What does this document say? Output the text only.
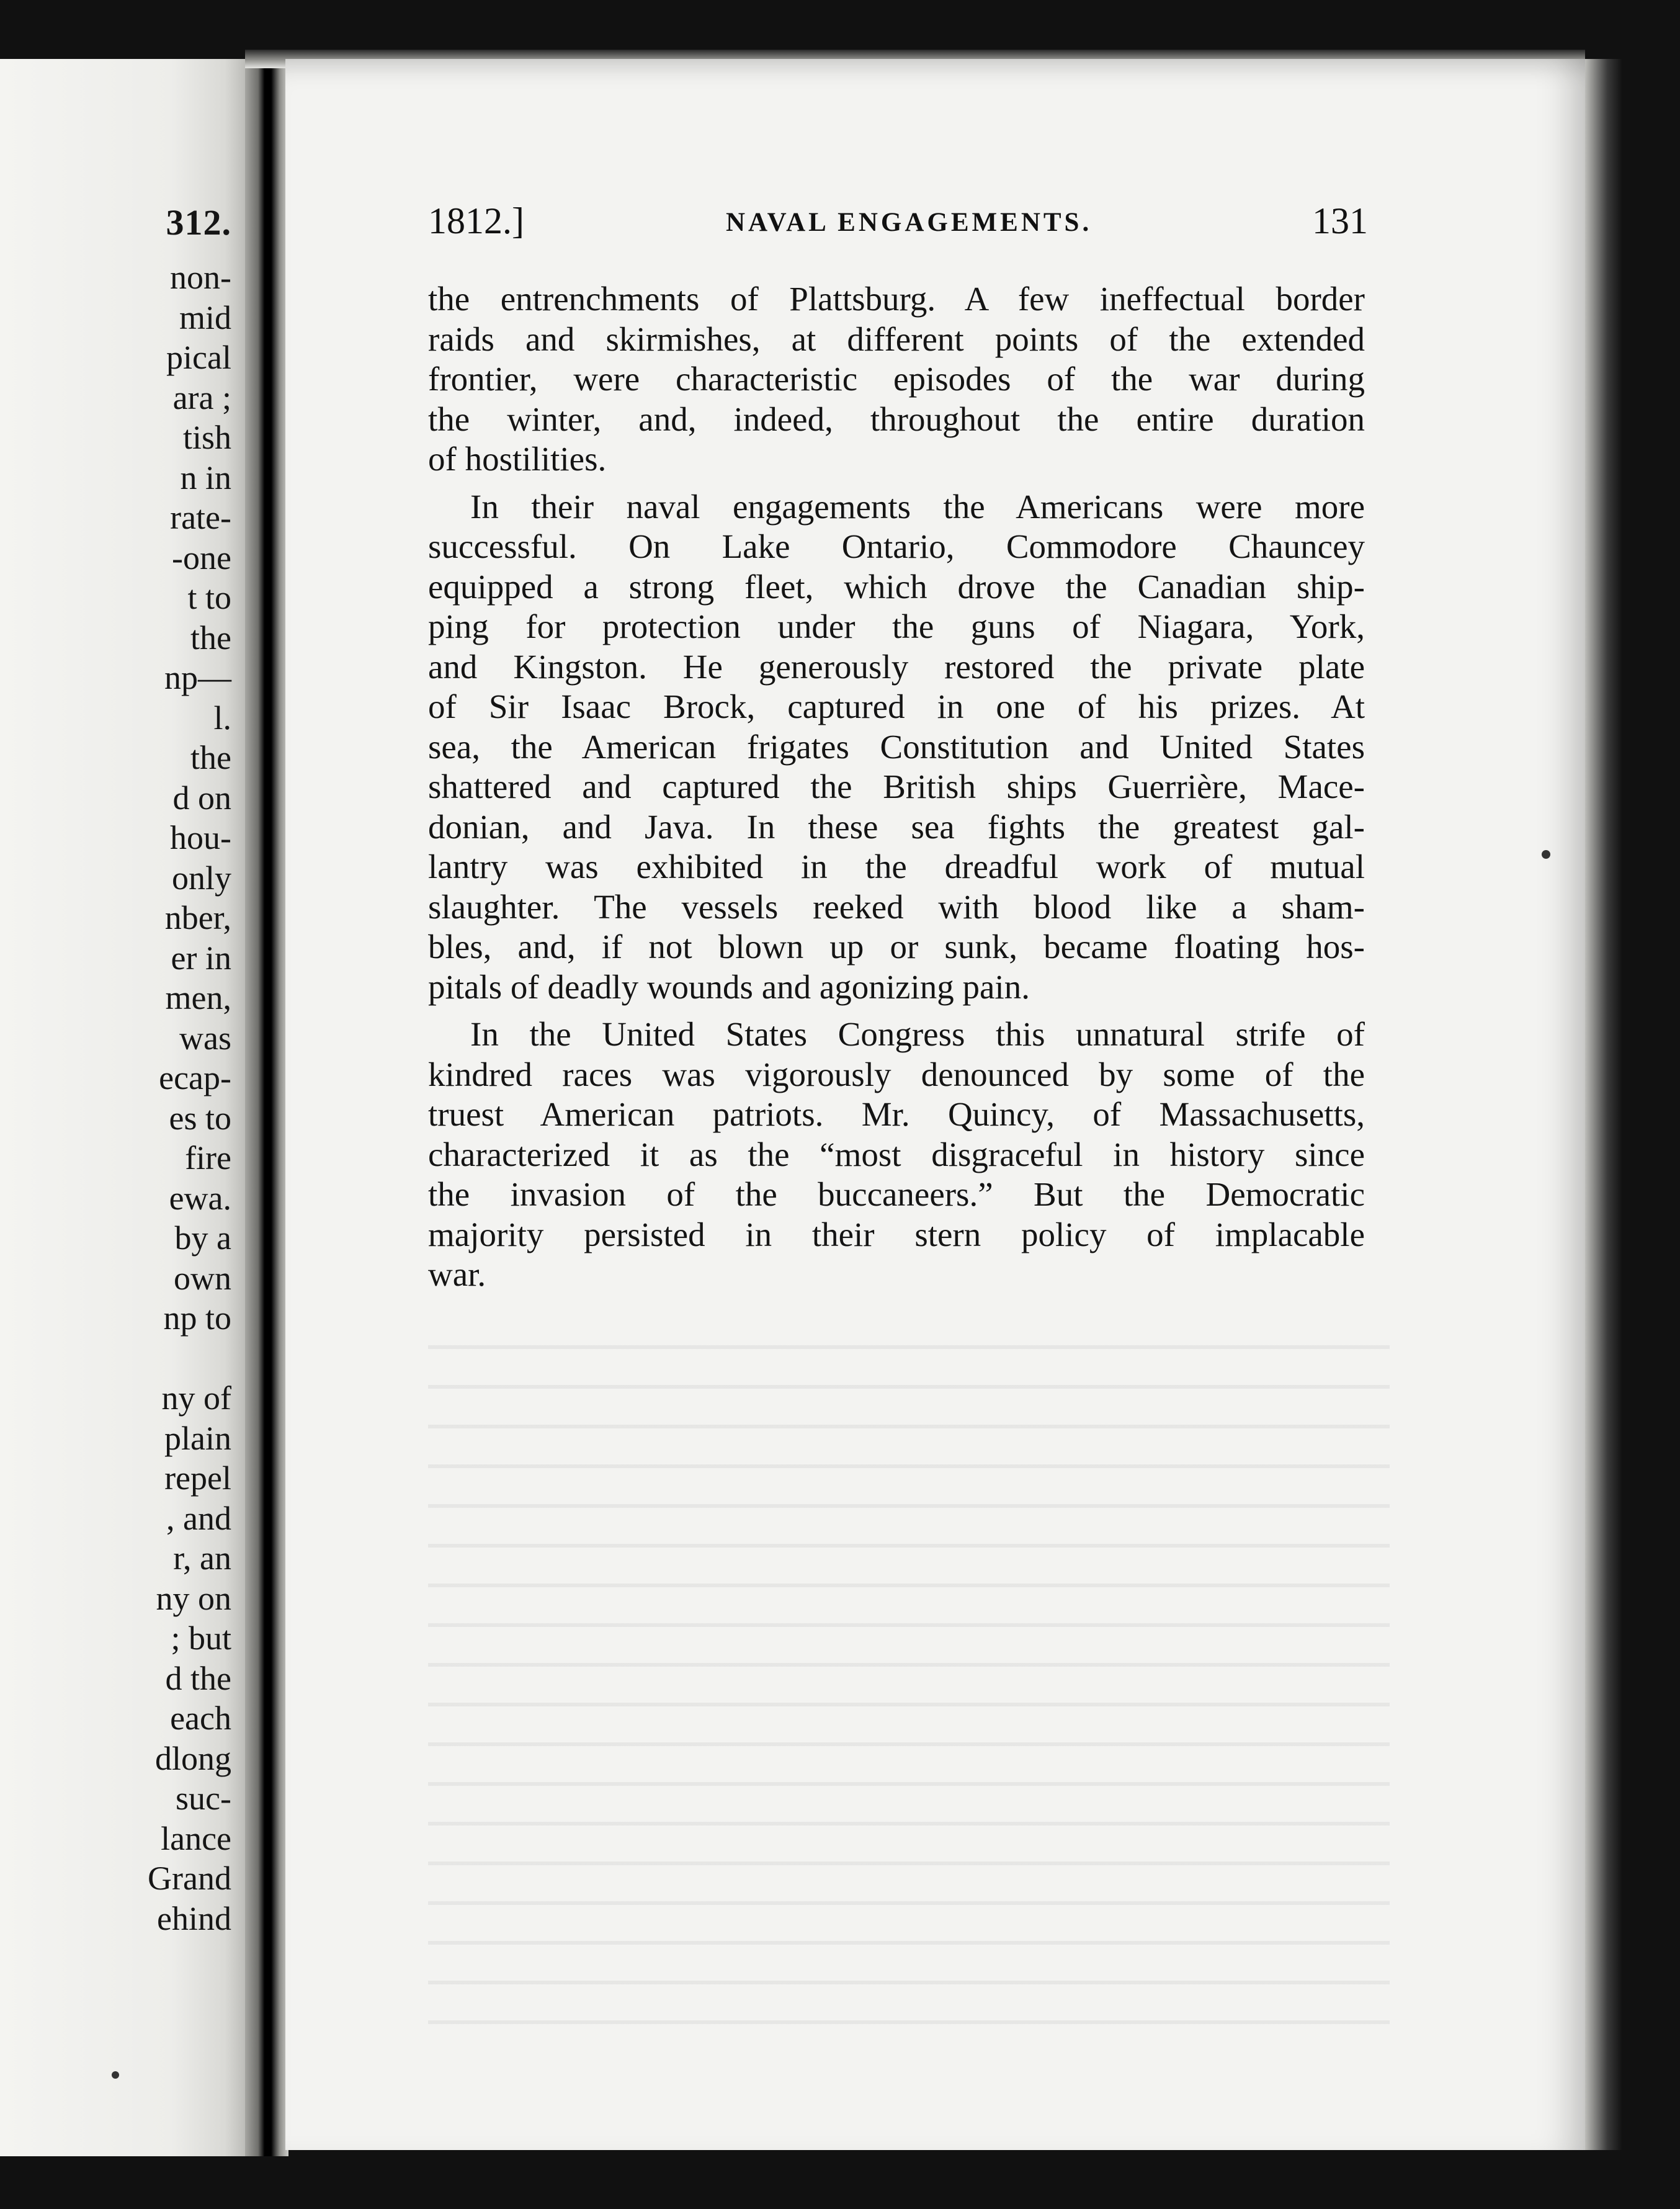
312.
non-
mid
pical
ara ;
tish
n in
rate-
-one
t to
the
np—
l.
the
d on
hou-
only
nber,
er in
men,
was
ecap-
es to
fire
ewa.
by a
own
np to
ny of
plain
repel
, and
r, an
ny on
; but
d the
each
dlong
suc-
lance
Grand
ehind
1812.]	NAVAL ENGAGEMENTS.	131
the entrenchments of Plattsburg. A few ineffectual border
raids and skirmishes, at different points of the extended
frontier, were characteristic episodes of the war during
the winter, and, indeed, throughout the entire duration
of hostilities.
In their naval engagements the Americans were more
successful. On Lake Ontario, Commodore Chauncey
equipped a strong fleet, which drove the Canadian ship-
ping for protection under the guns of Niagara, York,
and Kingston. He generously restored the private plate
of Sir Isaac Brock, captured in one of his prizes. At
sea, the American frigates Constitution and United States
shattered and captured the British ships Guerrière, Mace-
donian, and Java. In these sea fights the greatest gal-
lantry was exhibited in the dreadful work of mutual
slaughter. The vessels reeked with blood like a sham-
bles, and, if not blown up or sunk, became floating hos-
pitals of deadly wounds and agonizing pain.
In the United States Congress this unnatural strife of
kindred races was vigorously denounced by some of the
truest American patriots. Mr. Quincy, of Massachusetts,
characterized it as the “most disgraceful in history since
the invasion of the buccaneers.” But the Democratic
majority persisted in their stern policy of implacable
war.
